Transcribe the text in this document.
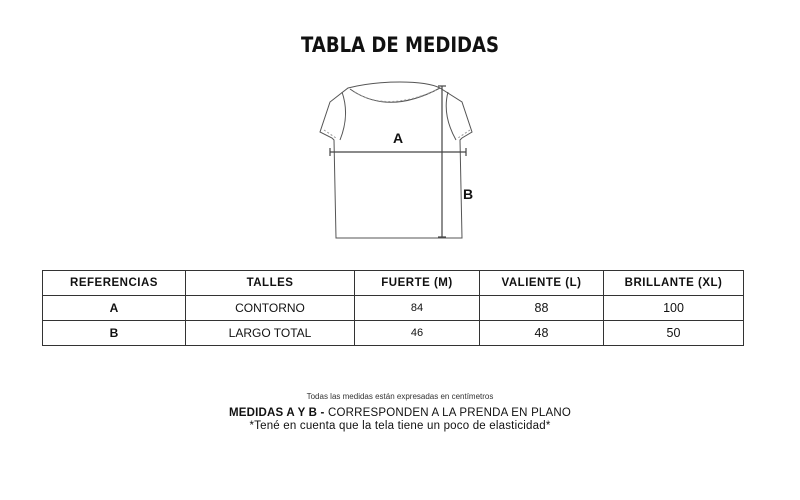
TABLA DE MEDIDAS
A
B
REFERENCIAS	TALLES	FUERTE (M)	VALIENTE (L)	BRILLANTE (XL)
A	CONTORNO	84	88	100
B	LARGO TOTAL	46	48	50
Todas las medidas están expresadas en centímetros
MEDIDAS A Y B - CORRESPONDEN A LA PRENDA EN PLANO
*Tené en cuenta que la tela tiene un poco de elasticidad*
